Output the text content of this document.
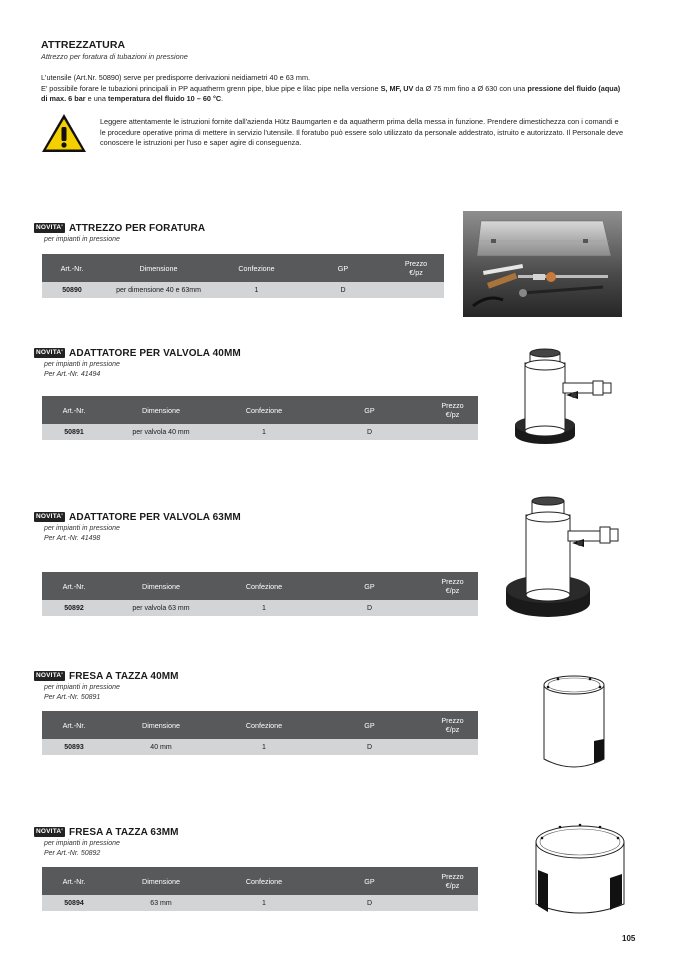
ATTREZZATURA
Attrezzo per foratura di tubazioni in pressione
L'utensile (Art.Nr. 50890) serve per predisporre derivazioni neidiametri 40 e 63 mm.
E' possibile forare le tubazioni principali in PP aquatherm grenn pipe, blue pipe e lilac pipe nella versione S, MF, UV da Ø 75 mm fino a Ø 630 con una pressione del fluido (aqua) di max. 6 bar e una temperatura del fluido 10 – 60 °C.
Leggere attentamente le istruzioni fornite dall'azienda Hütz Baumgarten e da aquatherm prima della messa in funzione. Prendere dimestichezza con i comandi e le procedure operative prima di mettere in servizio l'utensile. Il foratubo può essere solo utilizzato da personale addestrato, istruito e autorizzato. Il Personale deve conoscere le istruzioni per l'uso e saper agire di conseguenza.
NOVITA' ATTREZZO PER FORATURA
per impianti in pressione
Art.-Nr.	Dimensione	Confezione	GP	Prezzo
€/pz
50890	per dimensione 40 e 63mm	1	D
NOVITA' ADATTATORE PER VALVOLA 40MM
per impianti in pressione
Per Art.-Nr. 41494
Art.-Nr.	Dimensione	Confezione	GP	Prezzo
€/pz
50891	per valvola 40 mm	1	D
NOVITA' ADATTATORE PER VALVOLA 63MM
per impianti in pressione
Per Art.-Nr. 41498
Art.-Nr.	Dimensione	Confezione	GP	Prezzo
€/pz
50892	per valvola 63 mm	1	D
NOVITA' FRESA A TAZZA 40MM
per impianti in pressione
Per Art.-Nr. 50891
Art.-Nr.	Dimensione	Confezione	GP	Prezzo
€/pz
50893	40 mm	1	D
NOVITA' FRESA A TAZZA 63MM
per impianti in pressione
Per Art.-Nr. 50892
Art.-Nr.	Dimensione	Confezione	GP	Prezzo
€/pz
50894	63 mm	1	D
105
